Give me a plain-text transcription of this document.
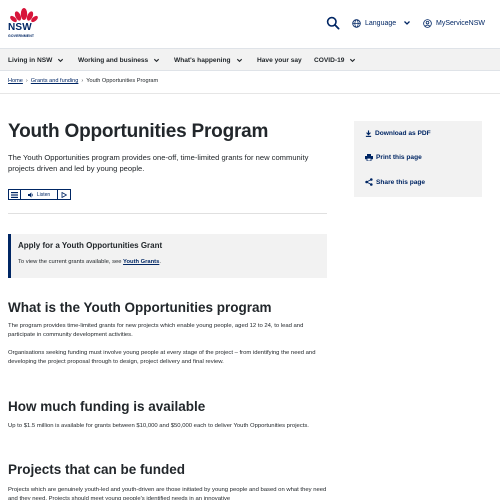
NSW
GOVERNMENT
Language	MyServiceNSW
Living in NSW	Working and business	What's happening	Have your say COVID-19
Home › Grants and funding › Youth Opportunities Program
Youth Opportunities Program

The Youth Opportunities program provides one-off, time-limited grants for new community projects driven and led by young people.

Listen
Apply for a Youth Opportunities Grant
To view the current grants available, see Youth Grants.
What is the Youth Opportunities program

The program provides time-limited grants for new projects which enable young people, aged 12 to 24, to lead and participate in community development activities.

Organisations seeking funding must involve young people at every stage of the project – from identifying the need and developing the project proposal through to design, project delivery and final review.

How much funding is available

Up to $1.5 million is available for grants between $10,000 and $50,000 each to deliver Youth Opportunities projects.

Projects that can be funded

Projects which are genuinely youth-led and youth-driven are those initiated by young people and based on what they need and they need. Projects should meet young people's identified needs in an innovative

Download as PDF
Print this page
Share this page
